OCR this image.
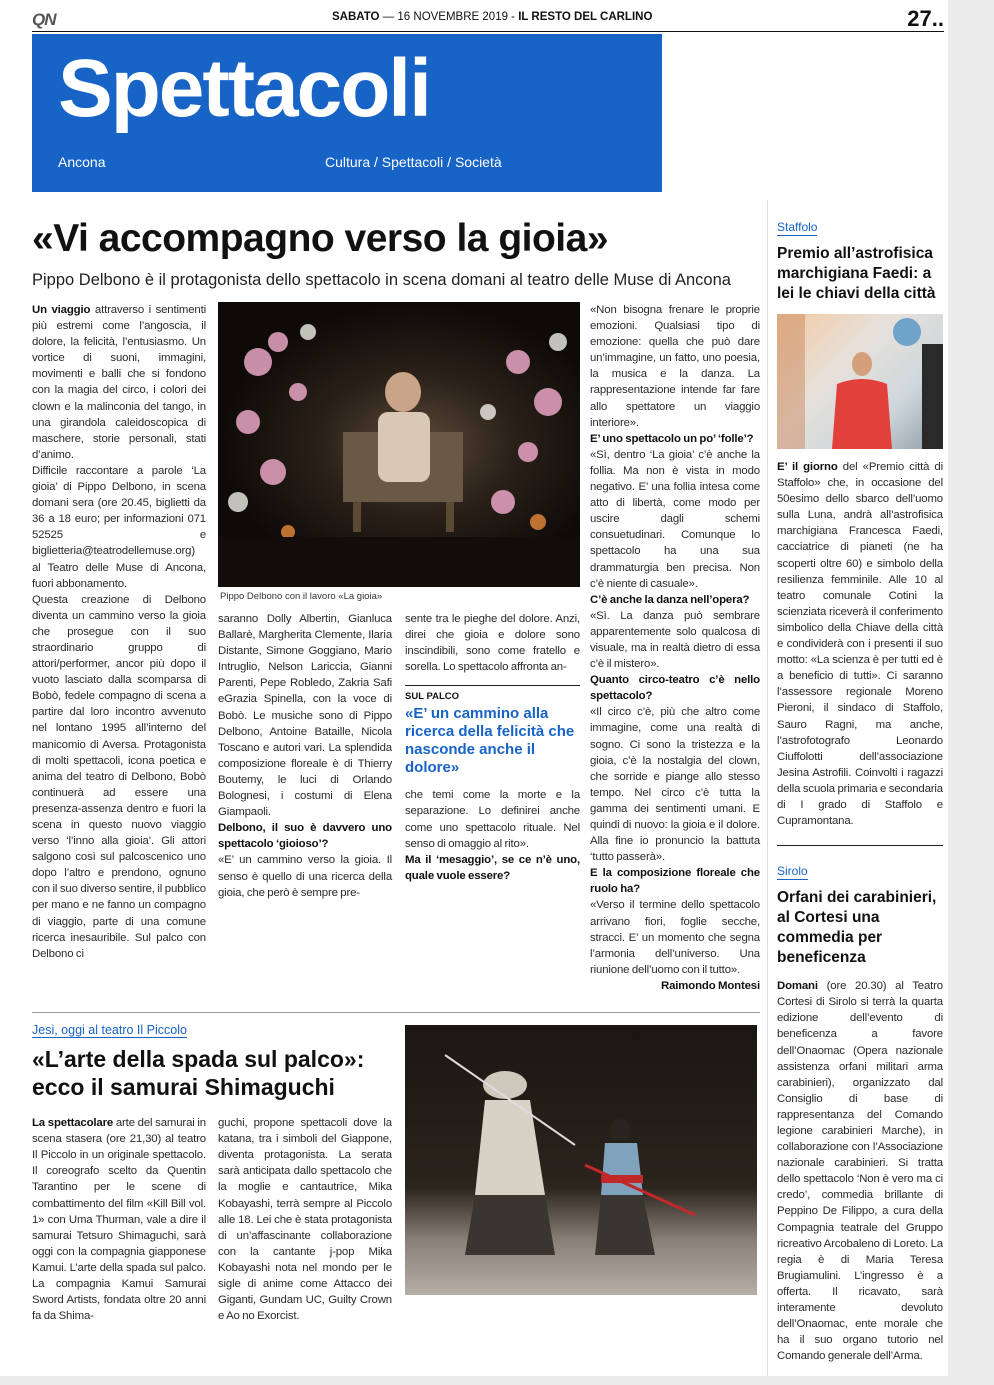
QN	SABATO — 16 NOVEMBRE 2019 - IL RESTO DEL CARLINO	27..
Spettacoli
Ancona	Cultura / Spettacoli / Società
«Vi accompagno verso la gioia»
Pippo Delbono è il protagonista dello spettacolo in scena domani al teatro delle Muse di Ancona

Un viaggio attraverso i sentimenti più estremi come l’angoscia, il dolore, la felicità, l’entusiasmo. Un vortice di suoni, immagini, movimenti e balli che si fondono con la magia del circo, i colori dei clown e la malinconia del tango, in una girandola caleidoscopica di maschere, storie personali, stati d’animo.

Difficile raccontare a parole ‘La gioia’ di Pippo Delbono, in scena domani sera (ore 20.45, biglietti da 36 a 18 euro; per informazioni 071 52525 e biglietteria@teatrodellemuse.org) al Teatro delle Muse di Ancona, fuori abbonamento.

Questa creazione di Delbono diventa un cammino verso la gioia che prosegue con il suo straordinario gruppo di attori/performer, ancor più dopo il vuoto lasciato dalla scomparsa di Bobò, fedele compagno di scena a partire dal loro incontro avvenuto nel lontano 1995 all’interno del manicomio di Aversa. Protagonista di molti spettacoli, icona poetica e anima del teatro di Delbono, Bobò continuerà ad essere una presenza-assenza dentro e fuori la scena in questo nuovo viaggio verso ‘l’inno alla gioia’. Gli attori salgono così sul palcoscenico uno dopo l’altro e prendono, ognuno con il suo diverso sentire, il pubblico per mano e ne fanno un compagno di viaggio, parte di una comune ricerca inesauribile. Sul palco con Delbono ci

Pippo Delbono con il lavoro «La gioia»

saranno Dolly Albertin, Gianluca Ballarè, Margherita Clemente, Ilaria Distante, Simone Goggiano, Mario Intruglio, Nelson Lariccia, Gianni Parenti, Pepe Robledo, Zakria Safi eGrazia Spinella, con la voce di Bobò. Le musiche sono di Pippo Delbono, Antoine Bataille, Nicola Toscano e autori vari. La splendida composizione floreale è di Thierry Boutemy, le luci di Orlando Bolognesi, i costumi di Elena Giampaoli.

Delbono, il suo è davvero uno spettacolo ‘gioioso’?

«E’ un cammino verso la gioia. Il senso è quello di una ricerca della gioia, che però è sempre pre-

sente tra le pieghe del dolore. Anzi, direi che gioia e dolore sono inscindibili, sono come fratello e sorella. Lo spettacolo affronta an-
SUL PALCO
«E’ un cammino alla ricerca della felicità che nasconde anche il dolore»

che temi come la morte e la separazione. Lo definirei anche come uno spettacolo rituale. Nel senso di omaggio al rito».

Ma il ‘mesaggio’, se ce n’è uno, quale vuole essere?

«Non bisogna frenare le proprie emozioni. Qualsiasi tipo di emozione: quella che può dare un’immagine, un fatto, uno poesia, la musica e la danza. La rappresentazione intende far fare allo spettatore un viaggio interiore».

E’ uno spettacolo un po’ ‘folle’?

«Sì, dentro ‘La gioia’ c’è anche la follia. Ma non è vista in modo negativo. E’ una follia intesa come atto di libertà, come modo per uscire dagli schemi consuetudinari. Comunque lo spettacolo ha una sua drammaturgia ben precisa. Non c’è niente di casuale».

C’è anche la danza nell’opera?

«Sì. La danza può sembrare apparentemente solo qualcosa di visuale, ma in realtà dietro di essa c’è il mistero».

Quanto circo-teatro c’è nello spettacolo?

«Il circo c’è, più che altro come immagine, come una realtà di sogno. Ci sono la tristezza e la gioia, c’è la nostalgia del clown, che sorride e piange allo stesso tempo. Nel circo c’è tutta la gamma dei sentimenti umani. E quindi di nuovo: la gioia e il dolore. Alla fine io pronuncio la battuta ‘tutto passerà».

E la composizione floreale che ruolo ha?

«Verso il termine dello spettacolo arrivano fiori, foglie secche, stracci. E’ un momento che segna l’armonia dell’universo. Una riunione dell’uomo con il tutto».

Raimondo Montesi

Jesi, oggi al teatro Il Piccolo
«L’arte della spada sul palco»: ecco il samurai Shimaguchi

La spettacolare arte del samurai in scena stasera (ore 21,30) al teatro Il Piccolo in un originale spettacolo. Il coreografo scelto da Quentin Tarantino per le scene di combattimento del film «Kill Bill vol. 1» con Uma Thurman, vale a dire il samurai Tetsuro Shimaguchi, sarà oggi con la compagnia giapponese Kamui. L’arte della spada sul palco. La compagnia Kamui Samurai Sword Artists, fondata oltre 20 anni fa da Shima-

guchi, propone spettacoli dove la katana, tra i simboli del Giappone, diventa protagonista. La serata sarà anticipata dallo spettacolo che la moglie e cantautrice, Mika Kobayashi, terrà sempre al Piccolo alle 18. Lei che è stata protagonista di un’affascinante collaborazione con la cantante j-pop Mika Kobayashi nota nel mondo per le sigle di anime come Attacco dei Giganti, Gundam UC, Guilty Crown e Ao no Exorcist.
Staffolo
Premio all’astrofisica marchigiana Faedi: a lei le chiavi della città

E’ il giorno del «Premio città di Staffolo» che, in occasione del 50esimo dello sbarco dell’uomo sulla Luna, andrà all’astrofisica marchigiana Francesca Faedi, cacciatrice di pianeti (ne ha scoperti oltre 60) e simbolo della resilienza femminile. Alle 10 al teatro comunale Cotini la scienziata riceverà il conferimento simbolico della Chiave della città e condividerà con i presenti il suo motto: «La scienza è per tutti ed è a beneficio di tutti». Ci saranno l’assessore regionale Moreno Pieroni, il sindaco di Staffolo, Sauro Ragni, ma anche, l’astrofotografo Leonardo Ciuffolotti dell’associazione Jesina Astrofili. Coinvolti i ragazzi della scuola primaria e secondaria di I grado di Staffolo e Cupramontana.

Sirolo
Orfani dei carabinieri, al Cortesi una commedia per beneficenza

Domani (ore 20.30) al Teatro Cortesi di Sirolo si terrà la quarta edizione dell’evento di beneficenza a favore dell’Onaomac (Opera nazionale assistenza orfani militari arma carabinieri), organizzato dal Consiglio di base di rappresentanza del Comando legione carabinieri Marche), in collaborazione con l’Associazione nazionale carabinieri. Si tratta dello spettacolo ‘Non è vero ma ci credo’, commedia brillante di Peppino De Filippo, a cura della Compagnia teatrale del Gruppo ricreativo Arcobaleno di Loreto. La regia è di Maria Teresa Brugiamulini. L’ingresso è a offerta. Il ricavato, sarà interamente devoluto dell’Onaomac, ente morale che ha il suo organo tutorio nel Comando generale dell’Arma.
